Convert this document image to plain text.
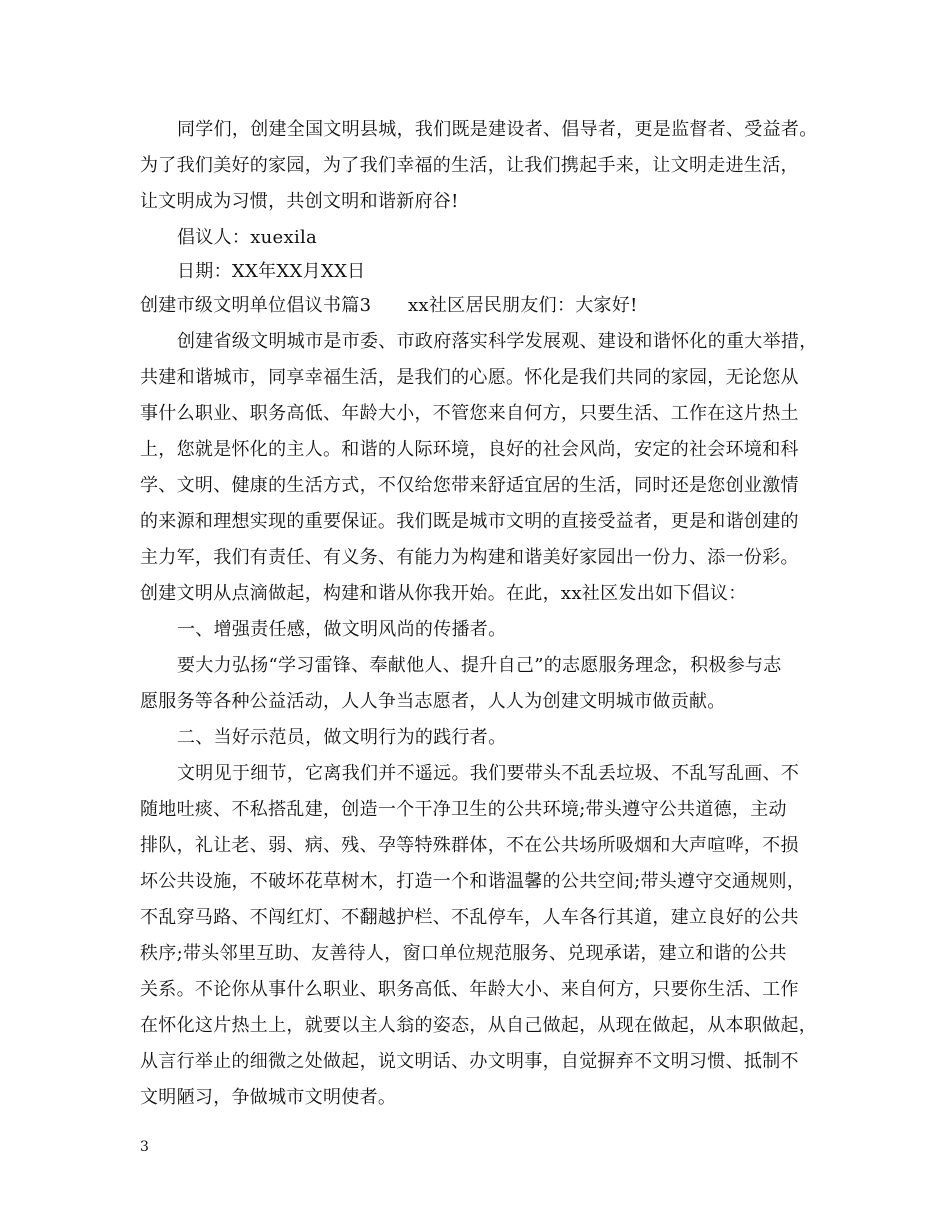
同学们，创建全国文明县城，我们既是建设者、倡导者，更是监督者、受益者。
为了我们美好的家园，为了我们幸福的生活，让我们携起手来，让文明走进生活，
让文明成为习惯，共创文明和谐新府谷!
倡议人：xuexila
日期：XX年XX月XX日
创建市级文明单位倡议书篇3　　xx社区居民朋友们：大家好!
创建省级文明城市是市委、市政府落实科学发展观、建设和谐怀化的重大举措，
共建和谐城市，同享幸福生活，是我们的心愿。怀化是我们共同的家园，无论您从
事什么职业、职务高低、年龄大小，不管您来自何方，只要生活、工作在这片热土
上，您就是怀化的主人。和谐的人际环境，良好的社会风尚，安定的社会环境和科
学、文明、健康的生活方式，不仅给您带来舒适宜居的生活，同时还是您创业激情
的来源和理想实现的重要保证。我们既是城市文明的直接受益者，更是和谐创建的
主力军，我们有责任、有义务、有能力为构建和谐美好家园出一份力、添一份彩。
创建文明从点滴做起，构建和谐从你我开始。在此，xx社区发出如下倡议：
一、增强责任感，做文明风尚的传播者。
要大力弘扬“学习雷锋、奉献他人、提升自己”的志愿服务理念，积极参与志
愿服务等各种公益活动，人人争当志愿者，人人为创建文明城市做贡献。
二、当好示范员，做文明行为的践行者。
文明见于细节，它离我们并不遥远。我们要带头不乱丢垃圾、不乱写乱画、不
随地吐痰、不私搭乱建，创造一个干净卫生的公共环境;带头遵守公共道德，主动
排队，礼让老、弱、病、残、孕等特殊群体，不在公共场所吸烟和大声喧哗，不损
坏公共设施，不破坏花草树木，打造一个和谐温馨的公共空间;带头遵守交通规则，
不乱穿马路、不闯红灯、不翻越护栏、不乱停车，人车各行其道，建立良好的公共
秩序;带头邻里互助、友善待人，窗口单位规范服务、兑现承诺，建立和谐的公共
关系。不论你从事什么职业、职务高低、年龄大小、来自何方，只要你生活、工作
在怀化这片热土上，就要以主人翁的姿态，从自己做起，从现在做起，从本职做起，
从言行举止的细微之处做起，说文明话、办文明事，自觉摒弃不文明习惯、抵制不
文明陋习，争做城市文明使者。
3
